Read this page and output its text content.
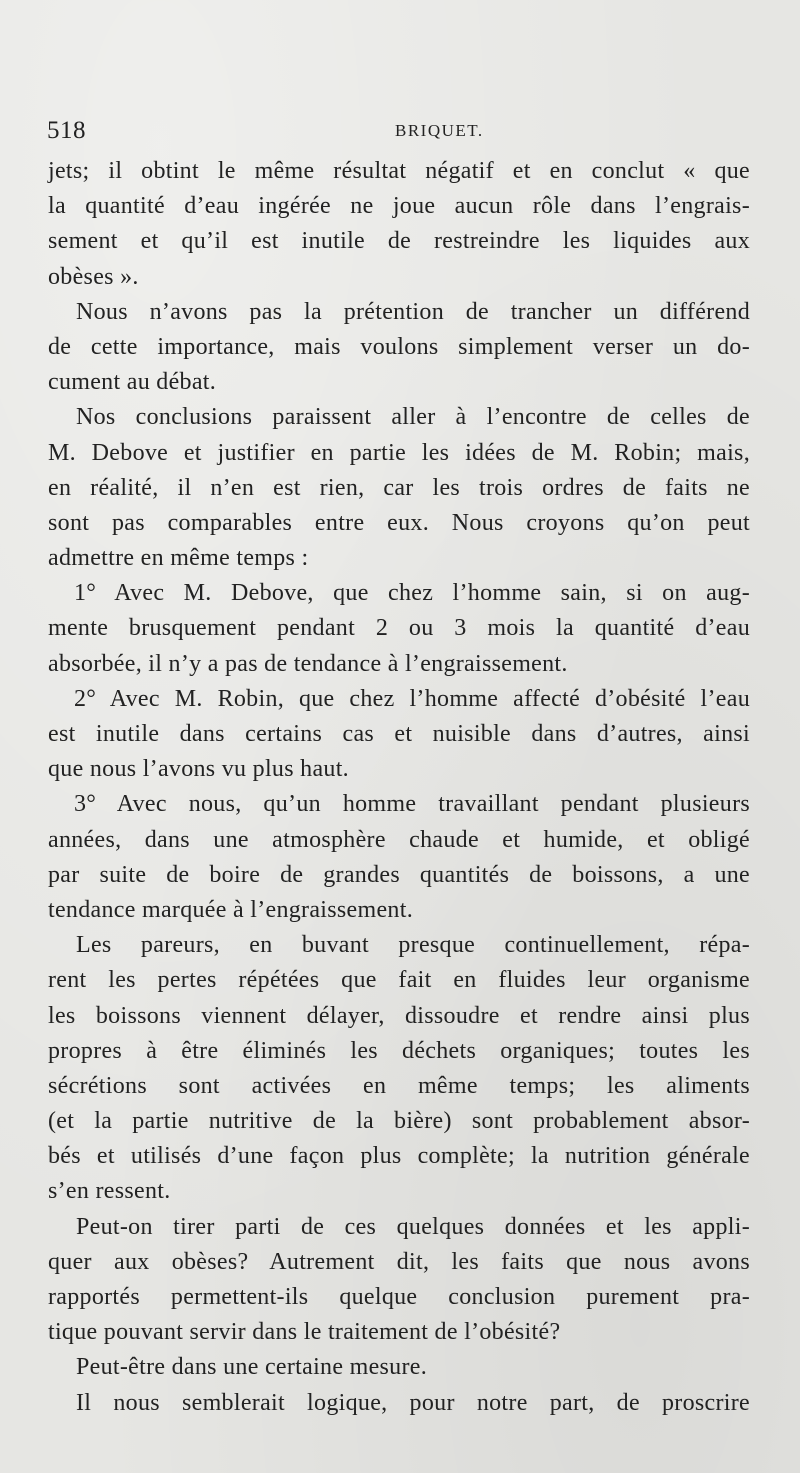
518	BRIQUET.
jets; il obtint le même résultat négatif et en conclut « que
la quantité d’eau ingérée ne joue aucun rôle dans l’engrais-
sement et qu’il est inutile de restreindre les liquides aux
obèses ».
Nous n’avons pas la prétention de trancher un différend
de cette importance, mais voulons simplement verser un do-
cument au débat.
Nos conclusions paraissent aller à l’encontre de celles de
M. Debove et justifier en partie les idées de M. Robin; mais,
en réalité, il n’en est rien, car les trois ordres de faits ne
sont pas comparables entre eux. Nous croyons qu’on peut
admettre en même temps :
1° Avec M. Debove, que chez l’homme sain, si on aug-
mente brusquement pendant 2 ou 3 mois la quantité d’eau
absorbée, il n’y a pas de tendance à l’engraissement.
2° Avec M. Robin, que chez l’homme affecté d’obésité l’eau
est inutile dans certains cas et nuisible dans d’autres, ainsi
que nous l’avons vu plus haut.
3° Avec nous, qu’un homme travaillant pendant plusieurs
années, dans une atmosphère chaude et humide, et obligé
par suite de boire de grandes quantités de boissons, a une
tendance marquée à l’engraissement.
Les pareurs, en buvant presque continuellement, répa-
rent les pertes répétées que fait en fluides leur organisme
les boissons viennent délayer, dissoudre et rendre ainsi plus
propres à être éliminés les déchets organiques; toutes les
sécrétions sont activées en même temps; les aliments
(et la partie nutritive de la bière) sont probablement absor-
bés et utilisés d’une façon plus complète; la nutrition générale
s’en ressent.
Peut-on tirer parti de ces quelques données et les appli-
quer aux obèses? Autrement dit, les faits que nous avons
rapportés permettent-ils quelque conclusion purement pra-
tique pouvant servir dans le traitement de l’obésité?
Peut-être dans une certaine mesure.
Il nous semblerait logique, pour notre part, de proscrire
